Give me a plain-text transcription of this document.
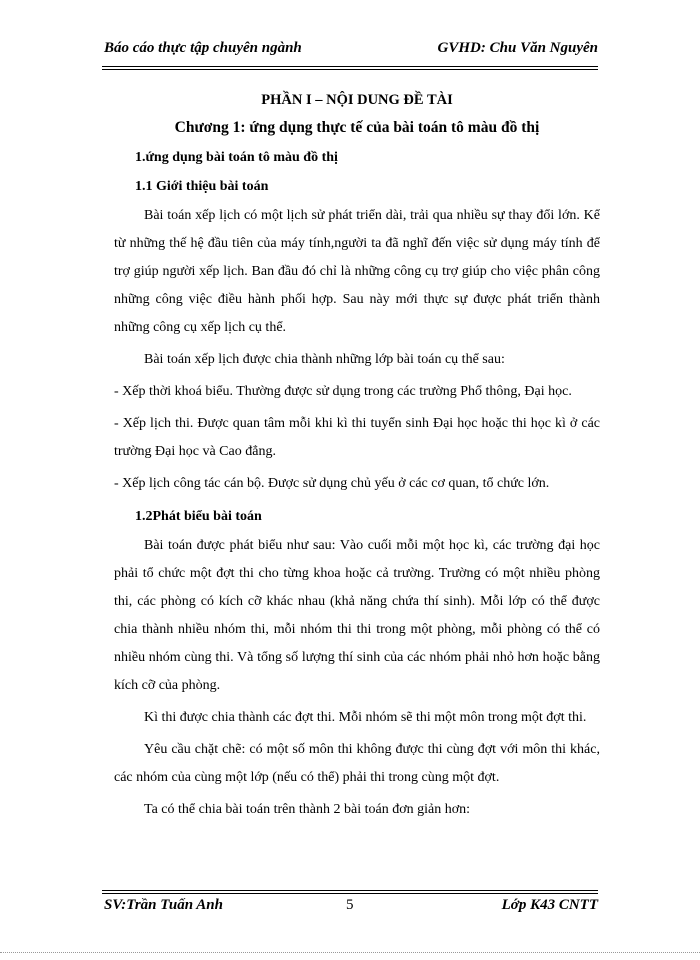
Báo cáo thực tập chuyên ngành	GVHD: Chu Văn Nguyên

PHẦN I – NỘI DUNG ĐỀ TÀI

Chương 1: ứng dụng thực tế của bài toán tô màu đồ thị

1.ứng dụng bài toán tô màu đồ thị

1.1 Giới thiệu bài toán

Bài toán xếp lịch có một lịch sử phát triển dài, trải qua nhiều sự thay đổi lớn. Kể từ những thế hệ đầu tiên của máy tính,người ta đã nghĩ đến việc sử dụng máy tính để trợ giúp người xếp lịch. Ban đầu đó chỉ là những công cụ trợ giúp cho việc phân công những công việc điều hành phối hợp. Sau này mới thực sự được phát triển thành những công cụ xếp lịch cụ thể.

Bài toán xếp lịch được chia thành những lớp bài toán cụ thể sau:

- Xếp thời khoá biểu. Thường được sử dụng trong các trường Phổ thông, Đại học.

- Xếp lịch thi. Được quan tâm mỗi khi kì thi tuyển sinh Đại học hoặc thi học kì ở các trường Đại học và Cao đẳng.

- Xếp lịch công tác cán bộ. Được sử dụng chủ yếu ở các cơ quan, tổ chức lớn.

1.2Phát biểu bài toán

Bài toán được phát biểu như sau: Vào cuối mỗi một học kì, các trường đại học phải tổ chức một đợt thi cho từng khoa hoặc cả trường. Trường có một nhiều phòng thi, các phòng có kích cỡ khác nhau (khả năng chứa thí sinh). Mỗi lớp có thể được chia thành nhiều nhóm thi, mỗi nhóm thi thi trong một phòng, mỗi phòng có thể có nhiều nhóm cùng thi. Và tổng số lượng thí sinh của các nhóm phải nhỏ hơn hoặc bằng kích cỡ của phòng.

Kì thi được chia thành các đợt thi. Mỗi nhóm sẽ thi một môn trong một đợt thi.

Yêu cầu chặt chẽ: có một số môn thi không được thi cùng đợt với môn thi khác, các nhóm của cùng một lớp (nếu có thể) phải thi trong cùng một đợt.

Ta có thể chia bài toán trên thành 2 bài toán đơn giản hơn:

SV:Trần Tuấn Anh	5	Lớp K43 CNTT
